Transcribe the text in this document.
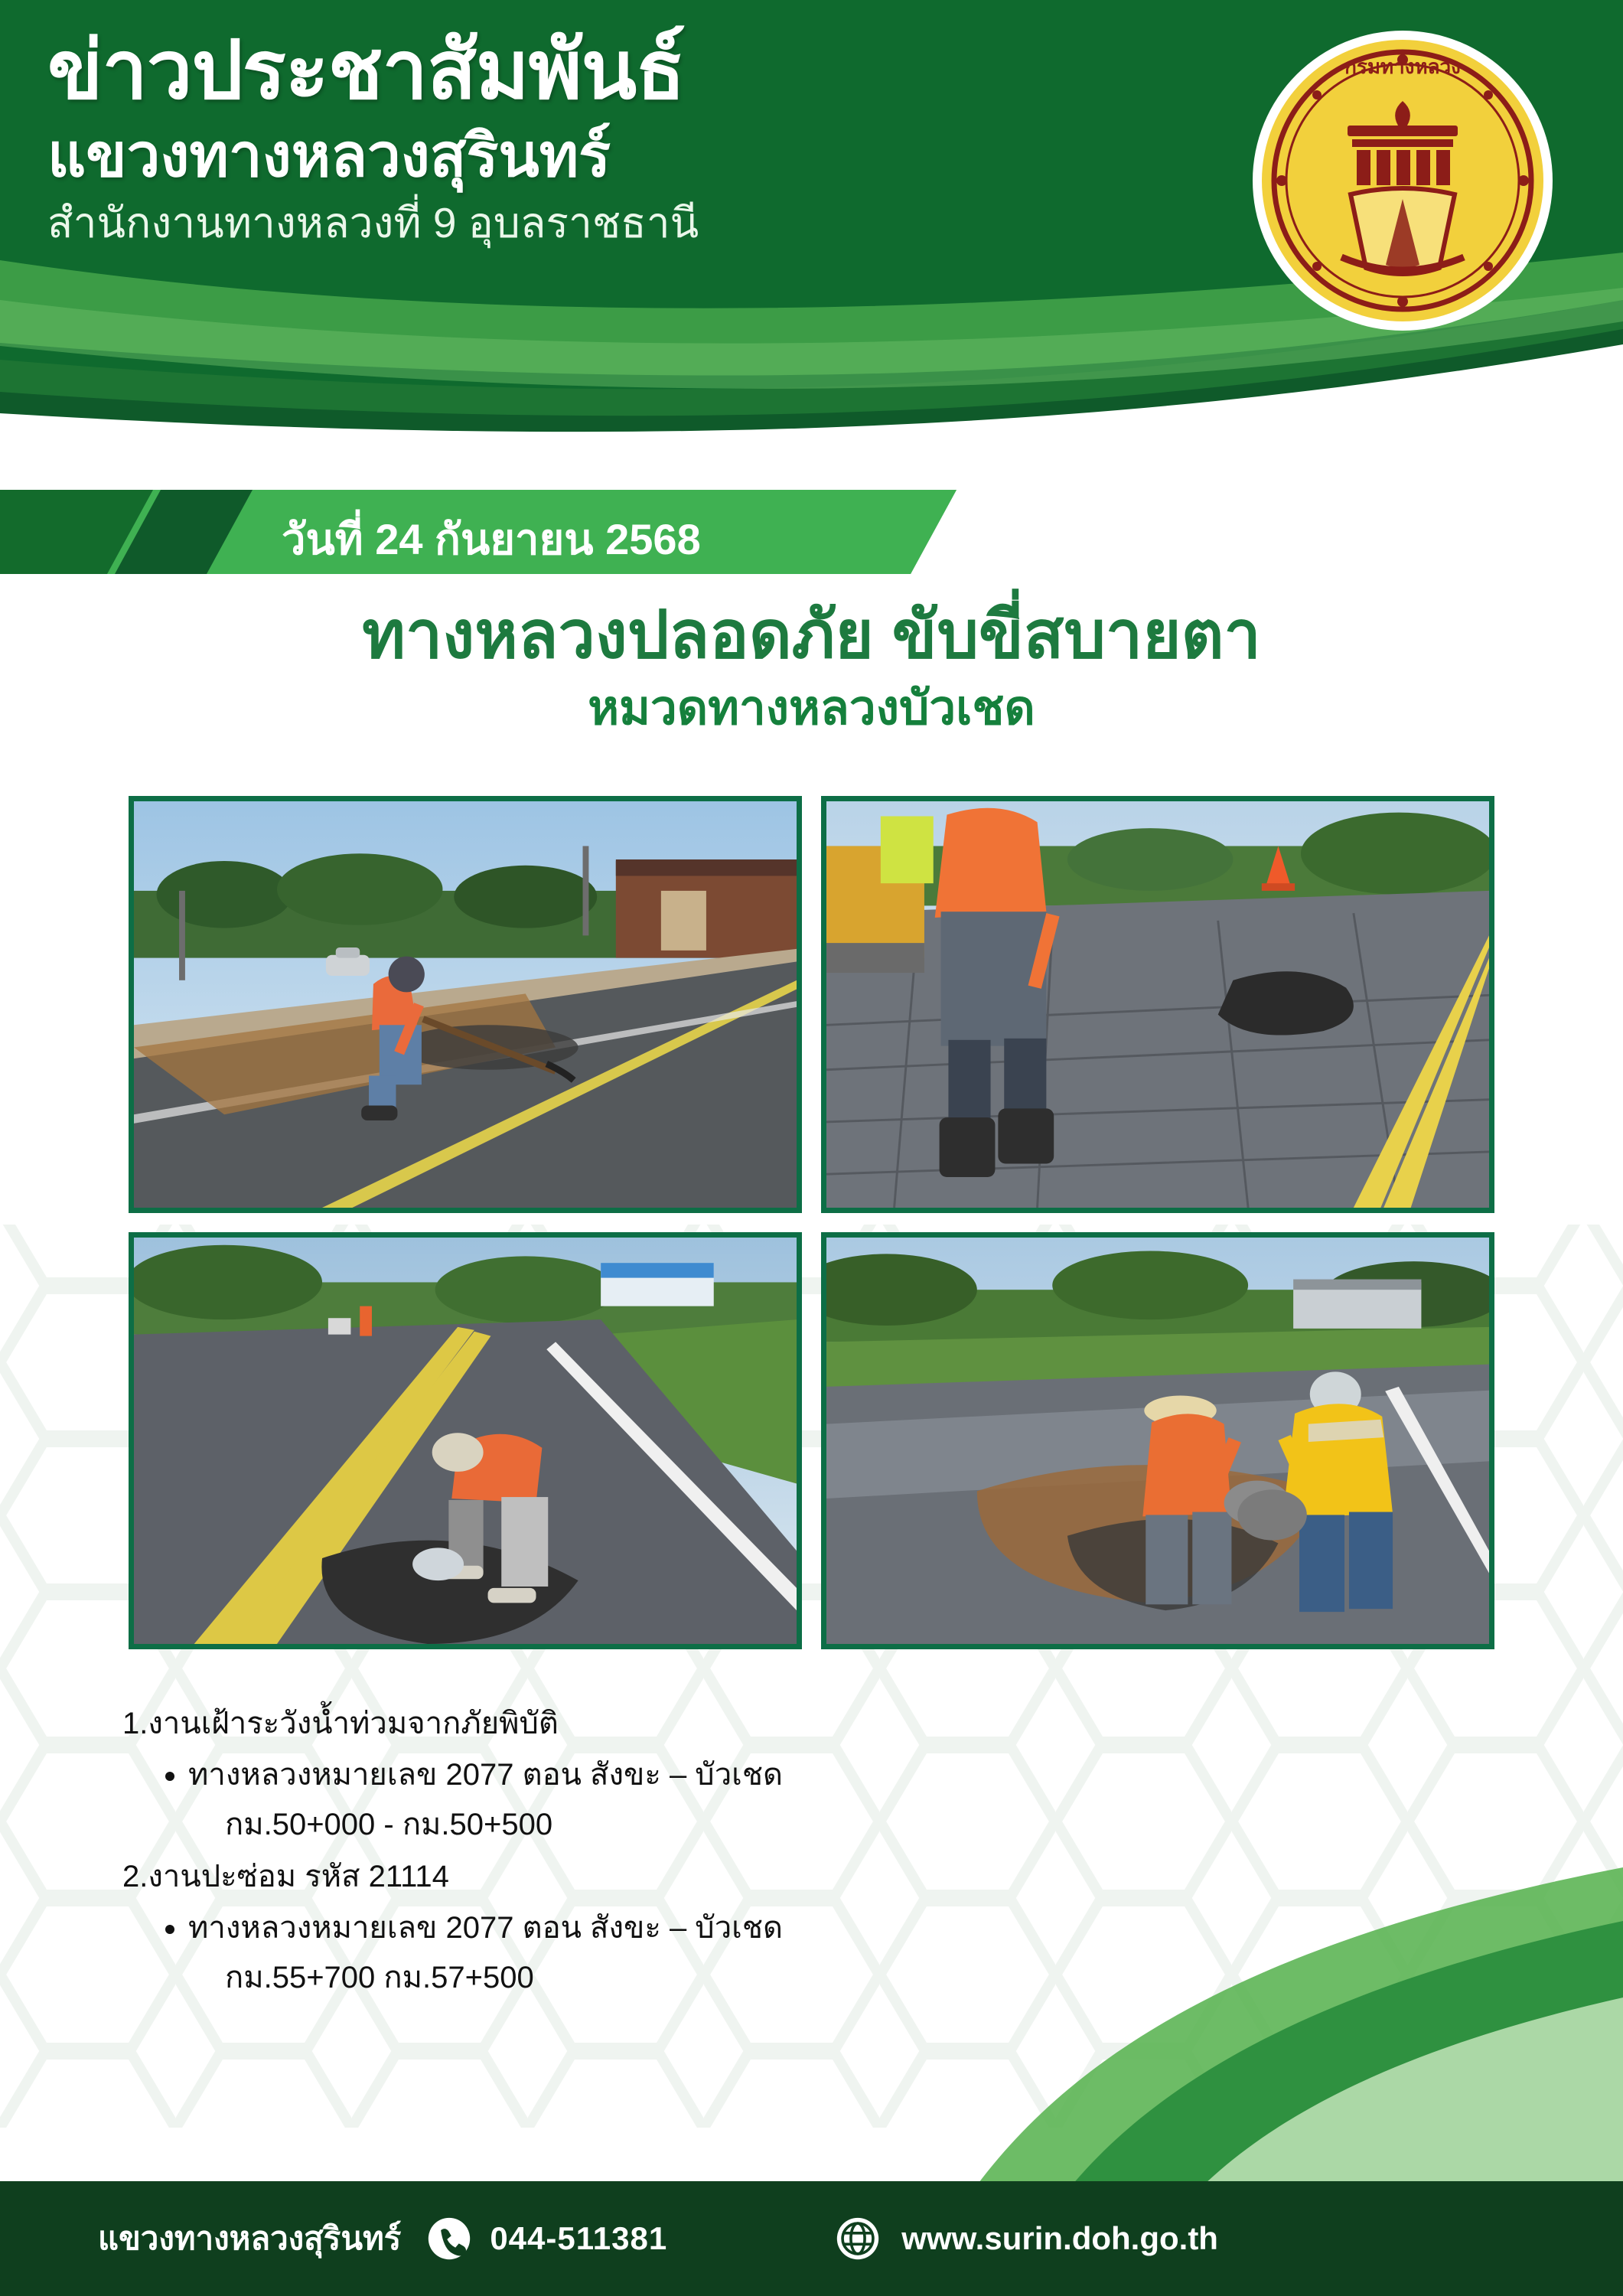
ข่าวประชาสัมพันธ์
แขวงทางหลวงสุรินทร์
สำนักงานทางหลวงที่ 9 อุบลราชธานี
กรมทางหลวง
วันที่ 24 กันยายน 2568
ทางหลวงปลอดภัย ขับขี่สบายตา
หมวดทางหลวงบัวเชด
1.งานเฝ้าระวังน้ำท่วมจากภัยพิบัติ
• ทางหลวงหมายเลข 2077 ตอน สังขะ – บัวเชด
กม.50+000 - กม.50+500
2.งานปะซ่อม รหัส 21114
• ทางหลวงหมายเลข 2077 ตอน สังขะ – บัวเชด
กม.55+700 กม.57+500
แขวงทางหลวงสุรินทร์	044-511381	www.surin.doh.go.th
